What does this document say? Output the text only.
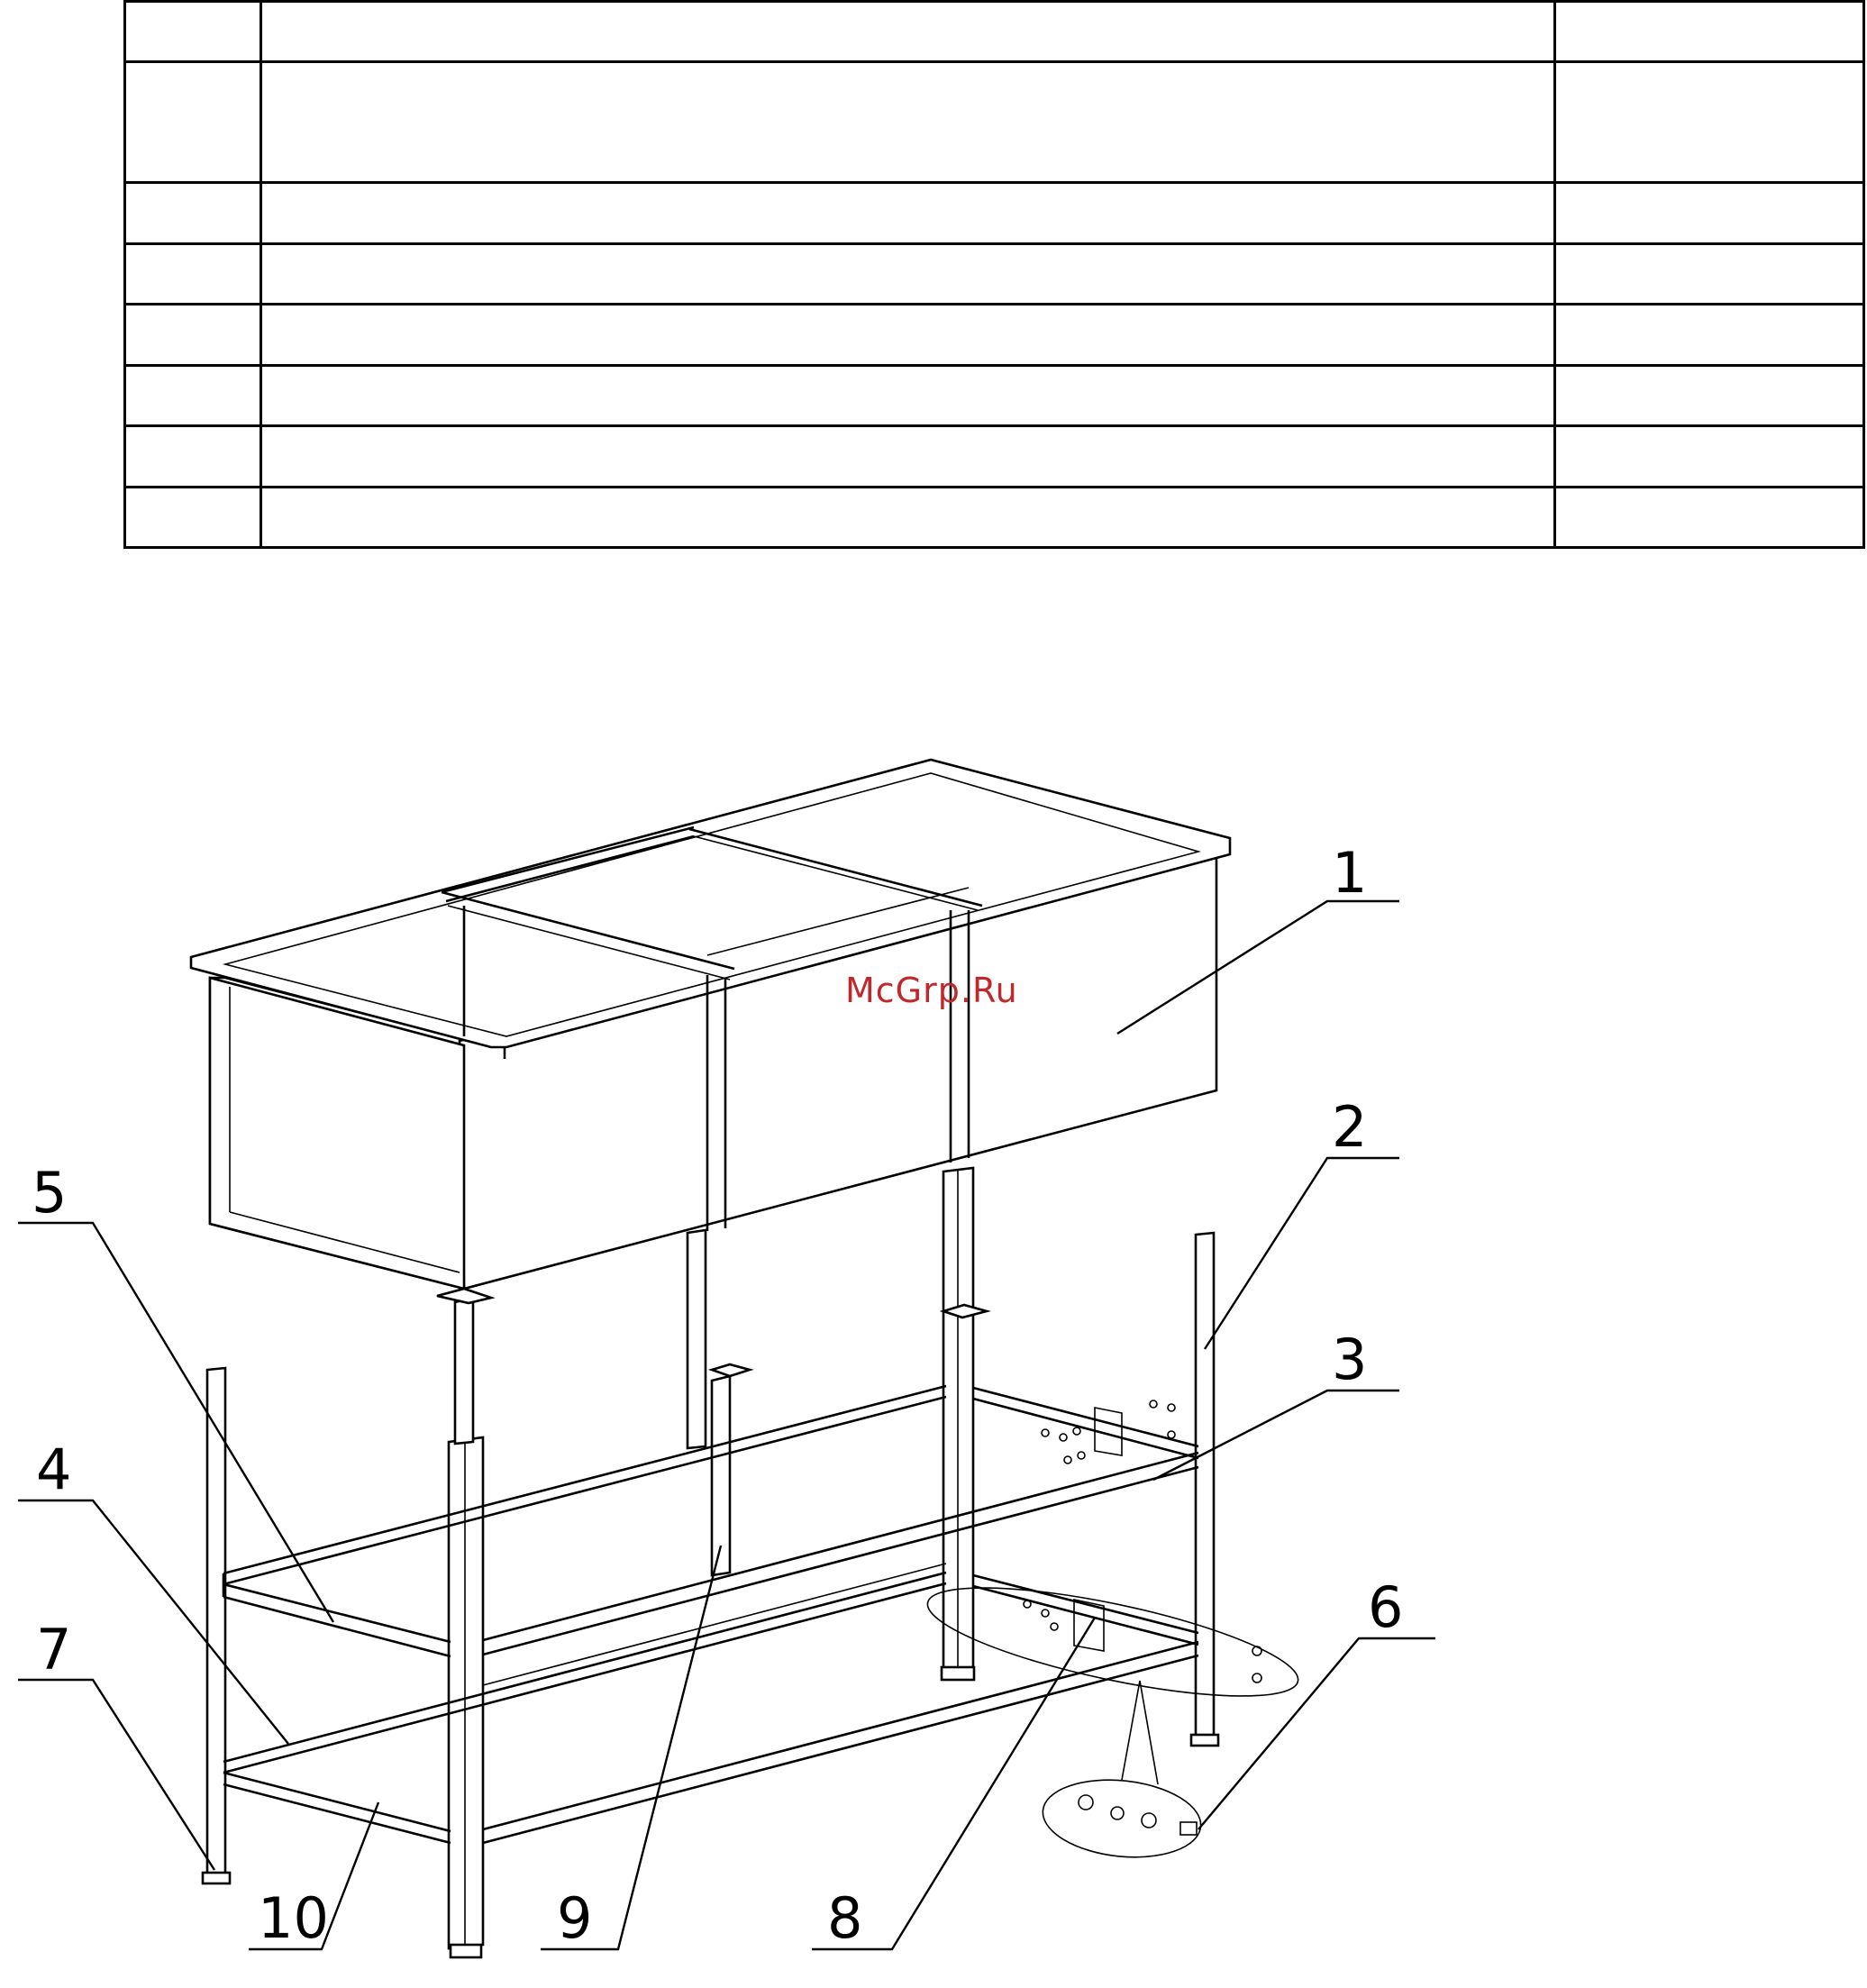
1
2
3
5
4
6
7
10	9	8
McGrp.Ru
